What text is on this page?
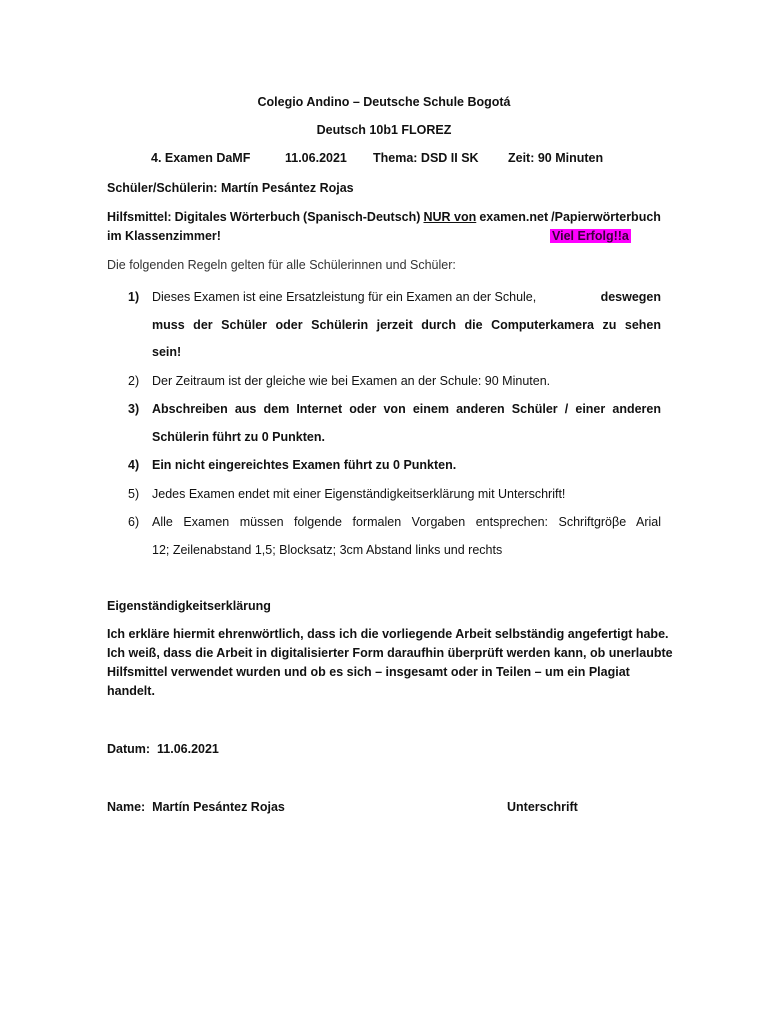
Colegio Andino – Deutsche Schule Bogotá
Deutsch 10b1 FLOREZ
4. Examen DaMF	11.06.2021 Thema: DSD II SK Zeit: 90 Minuten
Schüler/Schülerin: Martín Pesántez Rojas
Hilfsmittel: Digitales Wörterbuch (Spanisch-Deutsch) NUR von examen.net /Papierwörterbuch
im Klassenzimmer!	Viel Erfolg!!a
Die folgenden Regeln gelten für alle Schülerinnen und Schüler:
1) Dieses Examen ist eine Ersatzleistung für ein Examen an der Schule,	deswegen
muss der Schüler oder Schülerin jerzeit durch die Computerkamera zu sehen
sein!
2) Der Zeitraum ist der gleiche wie bei Examen an der Schule: 90 Minuten.
3) Abschreiben aus dem Internet oder von einem anderen Schüler / einer anderen
Schülerin führt zu 0 Punkten.
4) Ein nicht eingereichtes Examen führt zu 0 Punkten.
5) Jedes Examen endet mit einer Eigenständigkeitserklärung mit Unterschrift!
6) Alle Examen müssen folgende formalen Vorgaben entsprechen: Schriftgröβe Arial
12; Zeilenabstand 1,5; Blocksatz; 3cm Abstand links und rechts
Eigenständigkeitserklärung
Ich erkläre hiermit ehrenwörtlich, dass ich die vorliegende Arbeit selbständig angefertigt habe.
Ich weiß, dass die Arbeit in digitalisierter Form daraufhin überprüft werden kann, ob unerlaubte
Hilfsmittel verwendet wurden und ob es sich – insgesamt oder in Teilen – um ein Plagiat
handelt.
Datum: 11.06.2021
Name: Martín Pesántez Rojas	Unterschrift
